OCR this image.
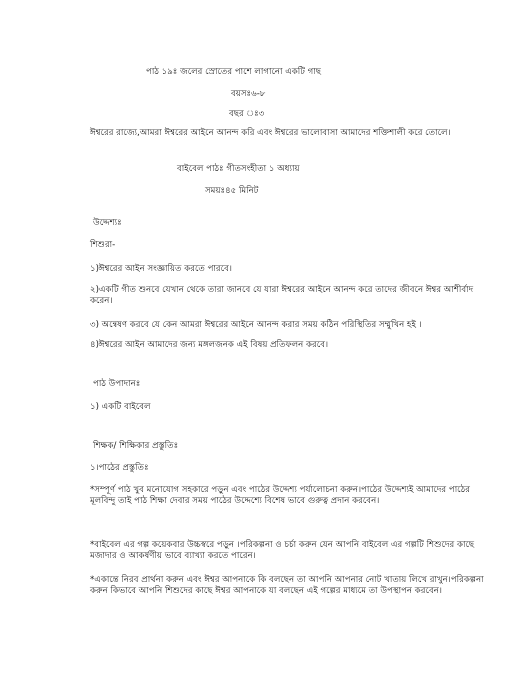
পাঠ ১৯ঃ জলের স্রোতের পাশে লাগানো একটি গাছ
বয়সঃ৬-৮
বছর ঃ৩
ঈশ্বরের রাজ্যে,আমরা ঈশ্বরের আইনে আনন্দ করি এবং ঈশ্বরের ভালোবাসা আমাদের শক্তিশালী করে তোলে।
বাইবেল পাঠঃ গীতসংহীতা ১ অধ্যায়
সময়ঃ৪৫ মিনিট
উদ্দেশ্যঃ
শিশুরা-
১)ঈশ্বরের আইন সংজ্ঞায়িত করতে পারবে।
২)একটি গীত শুনবে যেখান থেকে তারা জানবে যে যারা ঈশ্বরের আইনে আনন্দ করে তাদের জীবনে ঈশ্বর আশীর্বাদ করেন।
৩) অন্বেষণ করবে যে কেন আমরা ঈশ্বরের আইনে আনন্দ করার সময় কঠিন পরিস্থিতির সম্মুখিন হই ।
৪)ঈশ্বরের আইন আমাদের জন্য মঙ্গলজনক এই বিষয় প্রতিফলন করবে।
পাঠ উপাদানঃ
১) একটি বাইবেল
শিক্ষক/ শিক্ষিকার প্রস্তুতিঃ
১।পাঠের প্রস্তুতিঃ
*সম্পূর্ণ পাঠ খুব মনোযোগ সহকারে পড়ুন এবং পাঠের উদ্দেশ্য পর্যালোচনা করুন।পাঠের উদ্দেশ্যই আমাদের পাঠের মূলবিন্দু তাই পাঠ শিক্ষা দেবার সময় পাঠের উদ্দেশ্যে বিশেষ ভাবে গুরুত্ব প্রদান করবেন।
*বাইবেল এর গল্প কয়েকবার উচ্চস্বরে পড়ুন ।পরিকল্পনা ও চর্চা করুন যেন আপনি বাইবেল এর গল্পটি শিশুদের কাছে মজাদার ও আকর্ষণীয় ভাবে ব্যাখ্যা করতে পারেন।
*একান্তে নিরব প্রার্থনা করুন এবং ঈশ্বর আপনাকে কি বলছেন তা আপনি আপনার নোট খাতায় লিখে রাখুন।পরিকল্পনা করুন কিভাবে আপনি শিশুদের কাছে ঈশ্বর আপনাকে যা বলছেন এই গল্পের মাধ্যমে তা উপস্থাপন করবেন।
